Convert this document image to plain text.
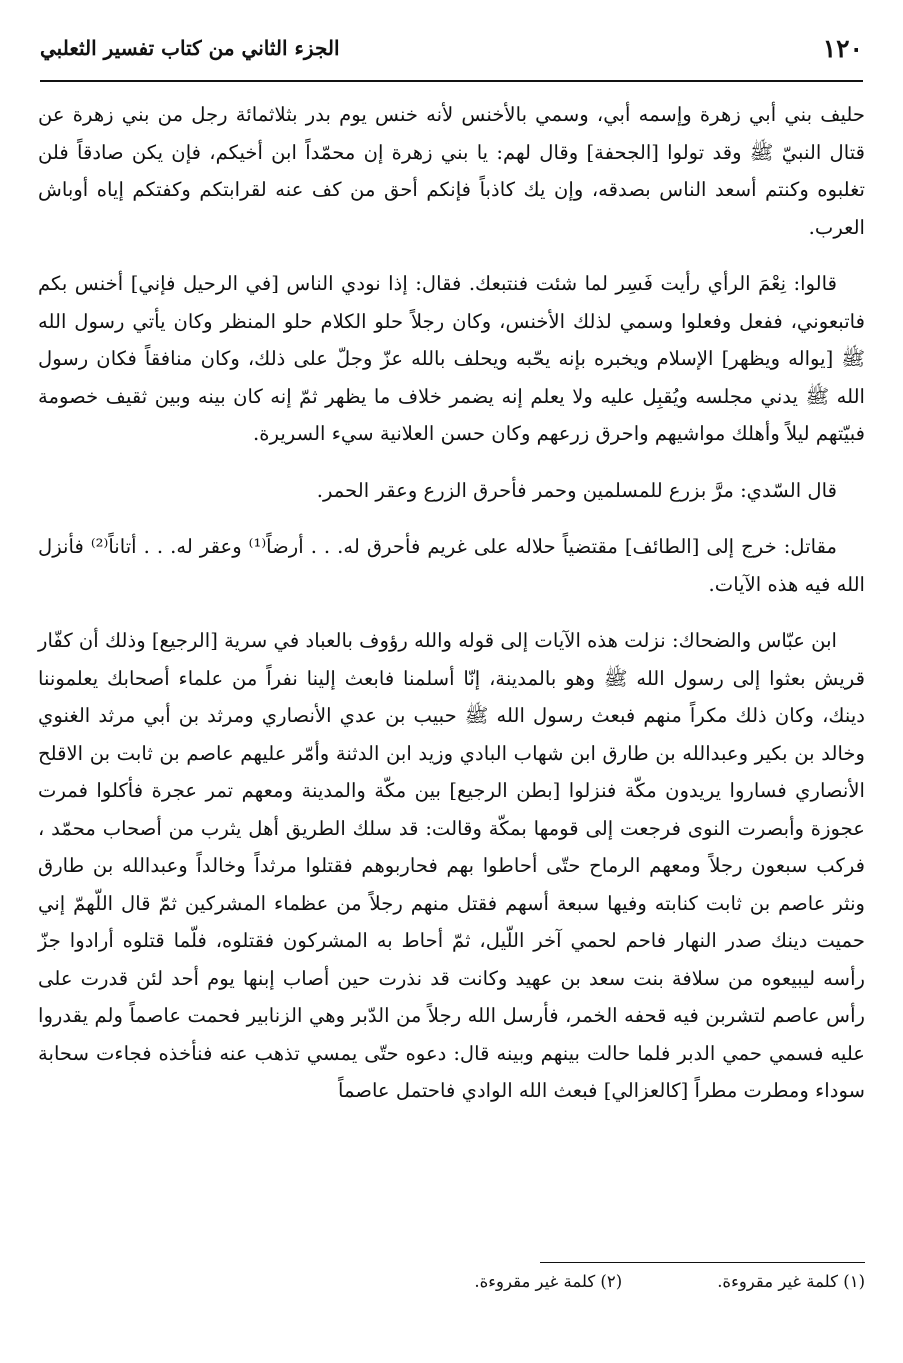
١٢٠
الجزء الثاني من كتاب تفسير الثعلبي

حليف بني أبي زهرة وإسمه أبي، وسمي بالأخنس لأنه خنس يوم بدر بثلاثمائة رجل من بني زهرة عن قتال النبيّ ﷺ وقد تولوا [الجحفة] وقال لهم: يا بني زهرة إن محمّداً ابن أخيكم، فإن يكن صادقاً فلن تغلبوه وكنتم أسعد الناس بصدقه، وإن يك كاذباً فإنكم أحق من كف عنه لقرابتكم وكفتكم إياه أوباش العرب.

قالوا: نِعْمَ الرأي رأيت فَسِر لما شئت فنتبعك. فقال: إذا نودي الناس [في الرحيل فإني] أخنس بكم فاتبعوني، ففعل وفعلوا وسمي لذلك الأخنس، وكان رجلاً حلو الكلام حلو المنظر وكان يأتي رسول الله ﷺ [يواله ويظهر] الإسلام ويخبره بإنه يحّبه ويحلف بالله عزّ وجلّ على ذلك، وكان منافقاً فكان رسول الله ﷺ يدني مجلسه ويُقبِل عليه ولا يعلم إنه يضمر خلاف ما يظهر ثمّ إنه كان بينه وبين ثقيف خصومة فبيّتهم ليلاً وأهلك مواشيهم واحرق زرعهم وكان حسن العلانية سيء السريرة.

قال السّدي: مرَّ بزرع للمسلمين وحمر فأحرق الزرع وعقر الحمر.

مقاتل: خرج إلى [الطائف] مقتضياً حلاله على غريم فأحرق له. . . أرضاً⁽¹⁾ وعقر له. . . أتاناً⁽²⁾ فأنزل الله فيه هذه الآيات.

ابن عبّاس والضحاك: نزلت هذه الآيات إلى قوله والله رؤوف بالعباد في سرية [الرجيع] وذلك أن كفّار قريش بعثوا إلى رسول الله ﷺ وهو بالمدينة، إنّا أسلمنا فابعث إلينا نفراً من علماء أصحابك يعلموننا دينك، وكان ذلك مكراً منهم فبعث رسول الله ﷺ حبيب بن عدي الأنصاري ومرثد بن أبي مرثد الغنوي وخالد بن بكير وعبدالله بن طارق ابن شهاب البادي وزيد ابن الدثنة وأمّر عليهم عاصم بن ثابت بن الاقلح الأنصاري فساروا يريدون مكّة فنزلوا [بطن الرجيع] بين مكّة والمدينة ومعهم تمر عجرة فأكلوا فمرت عجوزة وأبصرت النوى فرجعت إلى قومها بمكّة وقالت: قد سلك الطريق أهل يثرب من أصحاب محمّد ، فركب سبعون رجلاً ومعهم الرماح حتّى أحاطوا بهم فحاربوهم فقتلوا مرثداً وخالداً وعبدالله بن طارق ونثر عاصم بن ثابت كنابته وفيها سبعة أسهم فقتل منهم رجلاً من عظماء المشركين ثمّ قال اللّهمّ إني حميت دينك صدر النهار فاحم لحمي آخر اللّيل، ثمّ أحاط به المشركون فقتلوه، فلّما قتلوه أرادوا جزّ رأسه ليبيعوه من سلافة بنت سعد بن عهيد وكانت قد نذرت حين أصاب إبنها يوم أحد لئن قدرت على رأس عاصم لتشربن فيه قحفه الخمر، فأرسل الله رجلاً من الدّبر وهي الزنابير فحمت عاصماً ولم يقدروا عليه فسمي حمي الدبر فلما حالت بينهم وبينه قال: دعوه حتّى يمسي تذهب عنه فنأخذه فجاءت سحابة سوداء ومطرت مطراً [كالعزالي] فبعث الله الوادي فاحتمل عاصماً

(١) كلمة غير مقروءة.
(٢) كلمة غير مقروءة.
